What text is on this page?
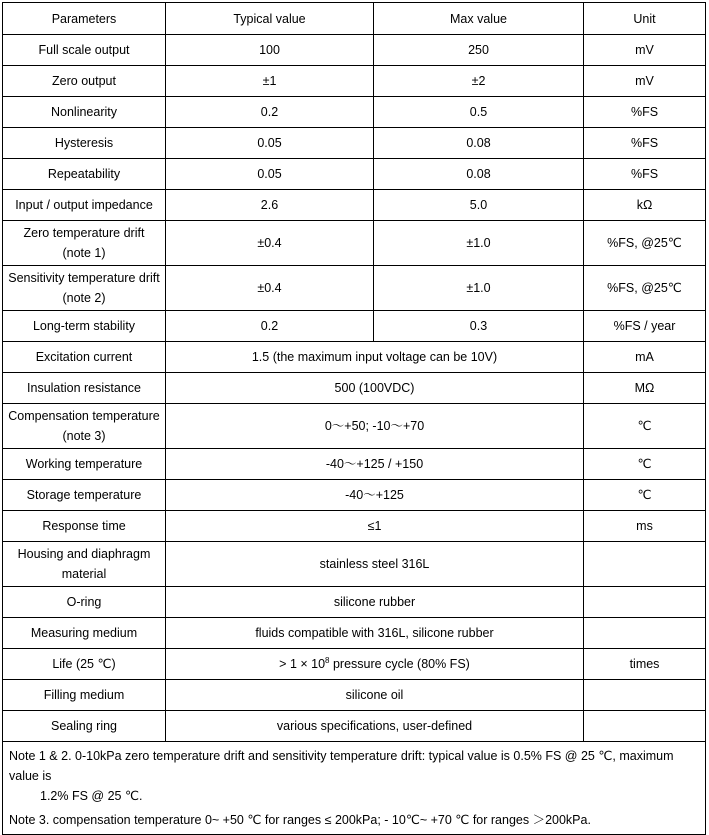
Parameters	Typical value	Max value	Unit
Full scale output	100	250	mV
Zero output	±1	±2	mV
Nonlinearity	0.2	0.5	%FS
Hysteresis	0.05	0.08	%FS
Repeatability	0.05	0.08	%FS
Input / output impedance	2.6	5.0	kΩ
Zero temperature drift
(note 1)	±0.4	±1.0	%FS, @25℃
Sensitivity temperature drift
(note 2)	±0.4	±1.0	%FS, @25℃
Long-term stability	0.2	0.3	%FS / year
Excitation current	1.5 (the maximum input voltage can be 10V)		mA
Insulation resistance	500 (100VDC)		MΩ
Compensation temperature
(note 3)	0～+50; -10～+70		℃
Working temperature	-40～+125 / +150		℃
Storage temperature	-40～+125		℃
Response time	≤1		ms
Housing and diaphragm
material	stainless steel 316L		
O-ring	silicone rubber		
Measuring medium	fluids compatible with 316L, silicone rubber		
Life (25 ℃)	> $1 \times 10^8$ pressure cycle (80% FS)		times
Filling medium	silicone oil		
Sealing ring	various specifications, user-defined		

Note 1 & 2. 0-10kPa zero temperature drift and sensitivity temperature drift: typical value is 0.5% FS @ 25 ℃, maximum value is
1.2% FS @ 25 ℃.
Note 3. compensation temperature 0~ +50 ℃ for ranges ≤ 200kPa; - 10℃~ +70 ℃ for ranges ＞200kPa.			
